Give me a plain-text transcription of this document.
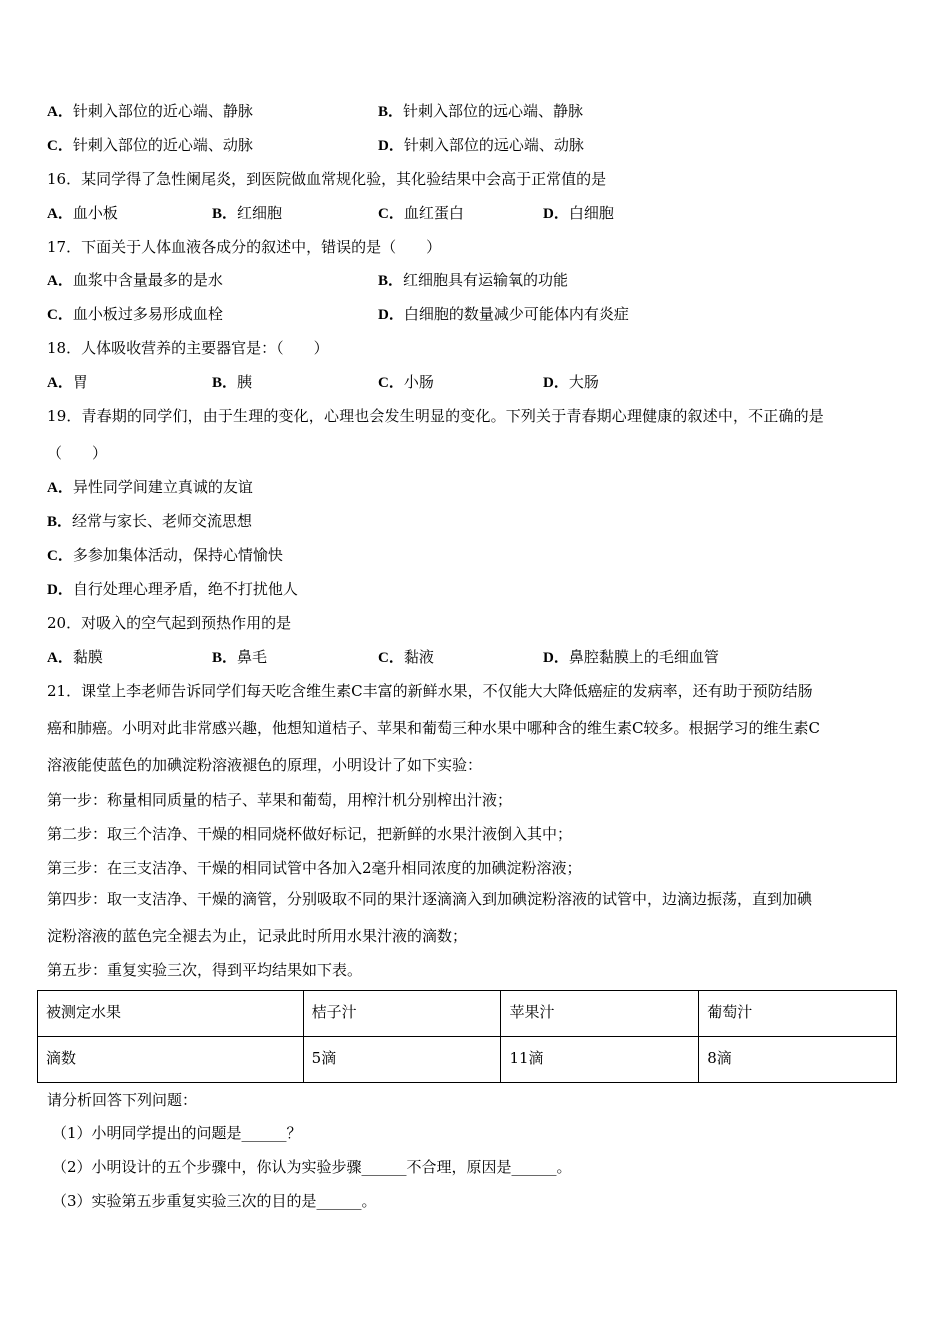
A．针刺入部位的近心端、静脉	B．针刺入部位的远心端、静脉
C．针刺入部位的近心端、动脉	D．针刺入部位的远心端、动脉
16．某同学得了急性阑尾炎，到医院做血常规化验，其化验结果中会高于正常值的是
A．血小板	B．红细胞	C．血红蛋白	D．白细胞
17．下面关于人体血液各成分的叙述中，错误的是（　　）
A．血浆中含量最多的是水	B．红细胞具有运输氧的功能
C．血小板过多易形成血栓	D．白细胞的数量减少可能体内有炎症
18．人体吸收营养的主要器官是：（　　）
A．胃	B．胰	C．小肠	D．大肠
19．青春期的同学们，由于生理的变化，心理也会发生明显的变化。下列关于青春期心理健康的叙述中，不正确的是
（　　）
A．异性同学间建立真诚的友谊
B．经常与家长、老师交流思想
C．多参加集体活动，保持心情愉快
D．自行处理心理矛盾，绝不打扰他人
20．对吸入的空气起到预热作用的是
A．黏膜	B．鼻毛	C．黏液	D．鼻腔黏膜上的毛细血管
21．课堂上李老师告诉同学们每天吃含维生素C丰富的新鲜水果，不仅能大大降低癌症的发病率，还有助于预防结肠
癌和肺癌。小明对此非常感兴趣，他想知道桔子、苹果和葡萄三种水果中哪种含的维生素C较多。根据学习的维生素C
溶液能使蓝色的加碘淀粉溶液褪色的原理，小明设计了如下实验：
第一步：称量相同质量的桔子、苹果和葡萄，用榨汁机分别榨出汁液；
第二步：取三个洁净、干燥的相同烧杯做好标记，把新鲜的水果汁液倒入其中；
第三步：在三支洁净、干燥的相同试管中各加入2毫升相同浓度的加碘淀粉溶液；
第四步：取一支洁净、干燥的滴管，分别吸取不同的果汁逐滴滴入到加碘淀粉溶液的试管中，边滴边振荡，直到加碘
淀粉溶液的蓝色完全褪去为止，记录此时所用水果汁液的滴数；
第五步：重复实验三次，得到平均结果如下表。
被测定水果	桔子汁	苹果汁	葡萄汁
滴数	5滴	11滴	8滴
请分析回答下列问题：
（1）小明同学提出的问题是______？
（2）小明设计的五个步骤中，你认为实验步骤______不合理，原因是______。
（3）实验第五步重复实验三次的目的是______。
